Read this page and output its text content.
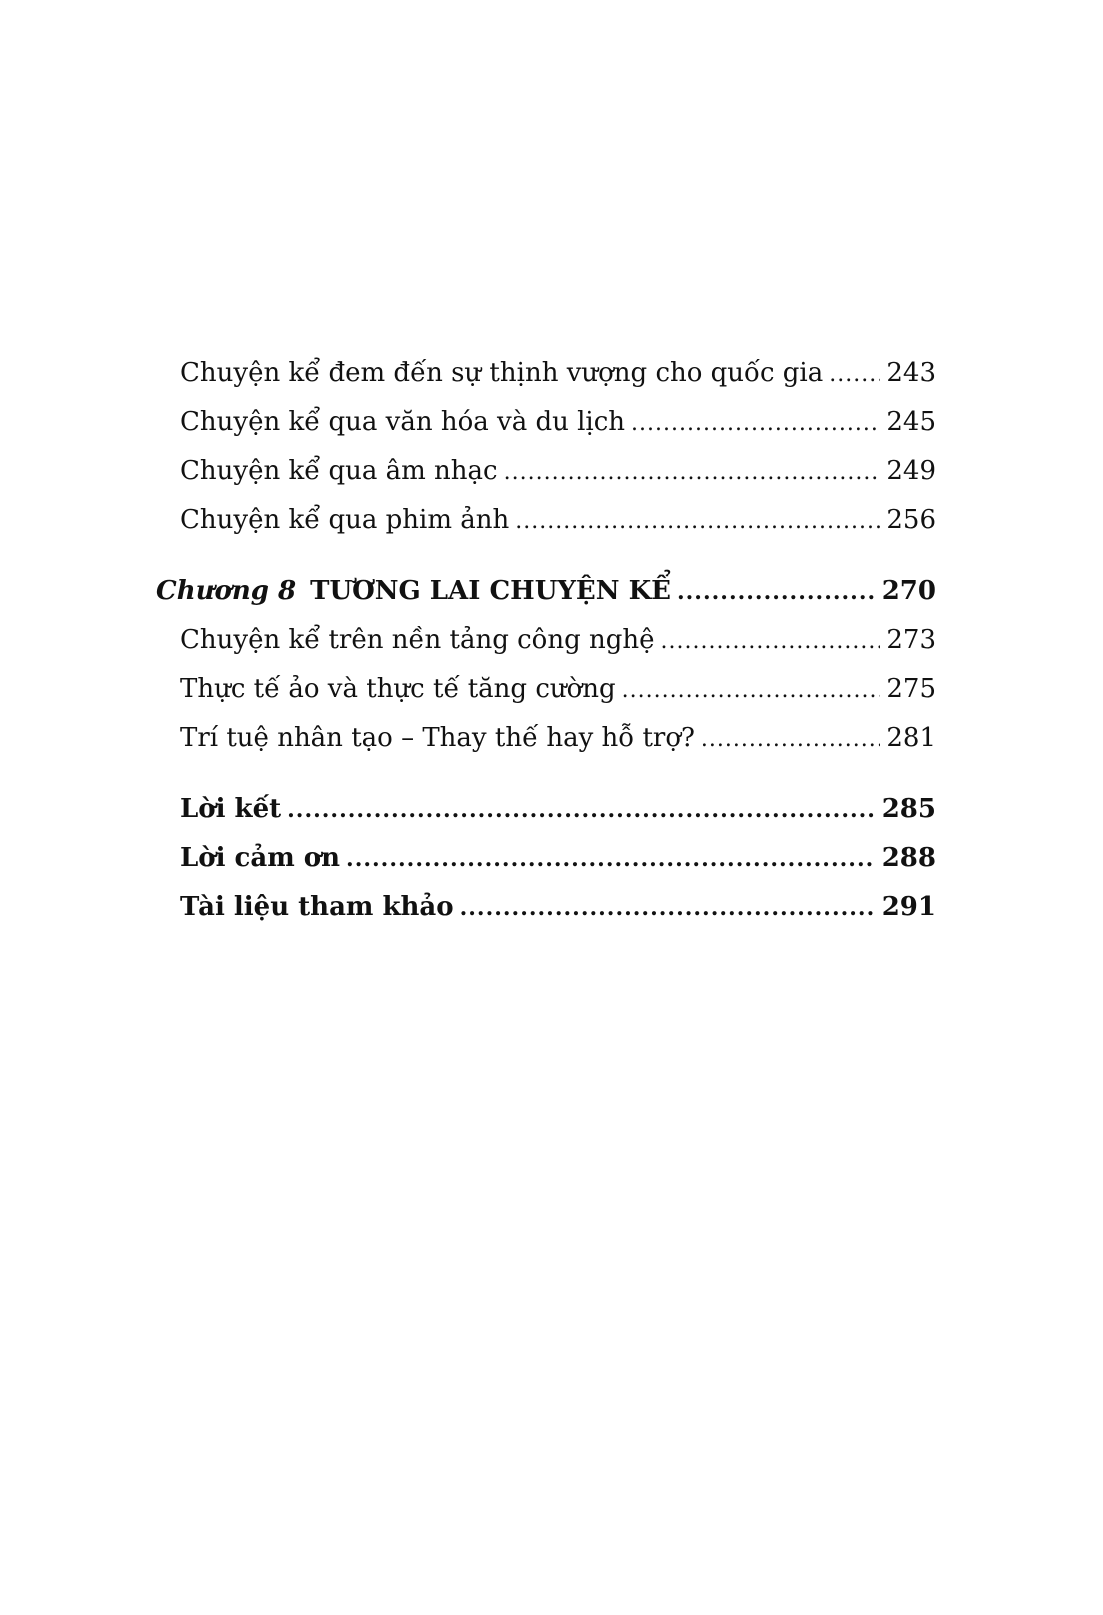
Chuyện kể đem đến sự thịnh vượng cho quốc gia ..... 243
Chuyện kể qua văn hóa và du lịch .....	245
Chuyện kể qua âm nhạc .....	249
Chuyện kể qua phim ảnh .....	256
Chương 8 TƯƠNG LAI CHUYỆN KỂ .....	270
Chuyện kể trên nền tảng công nghệ .....	273
Thực tế ảo và thực tế tăng cường .....	275
Trí tuệ nhân tạo – Thay thế hay hỗ trợ? .....	281
Lời kết .....	285
Lời cảm ơn .....	288
Tài liệu tham khảo .....	291
